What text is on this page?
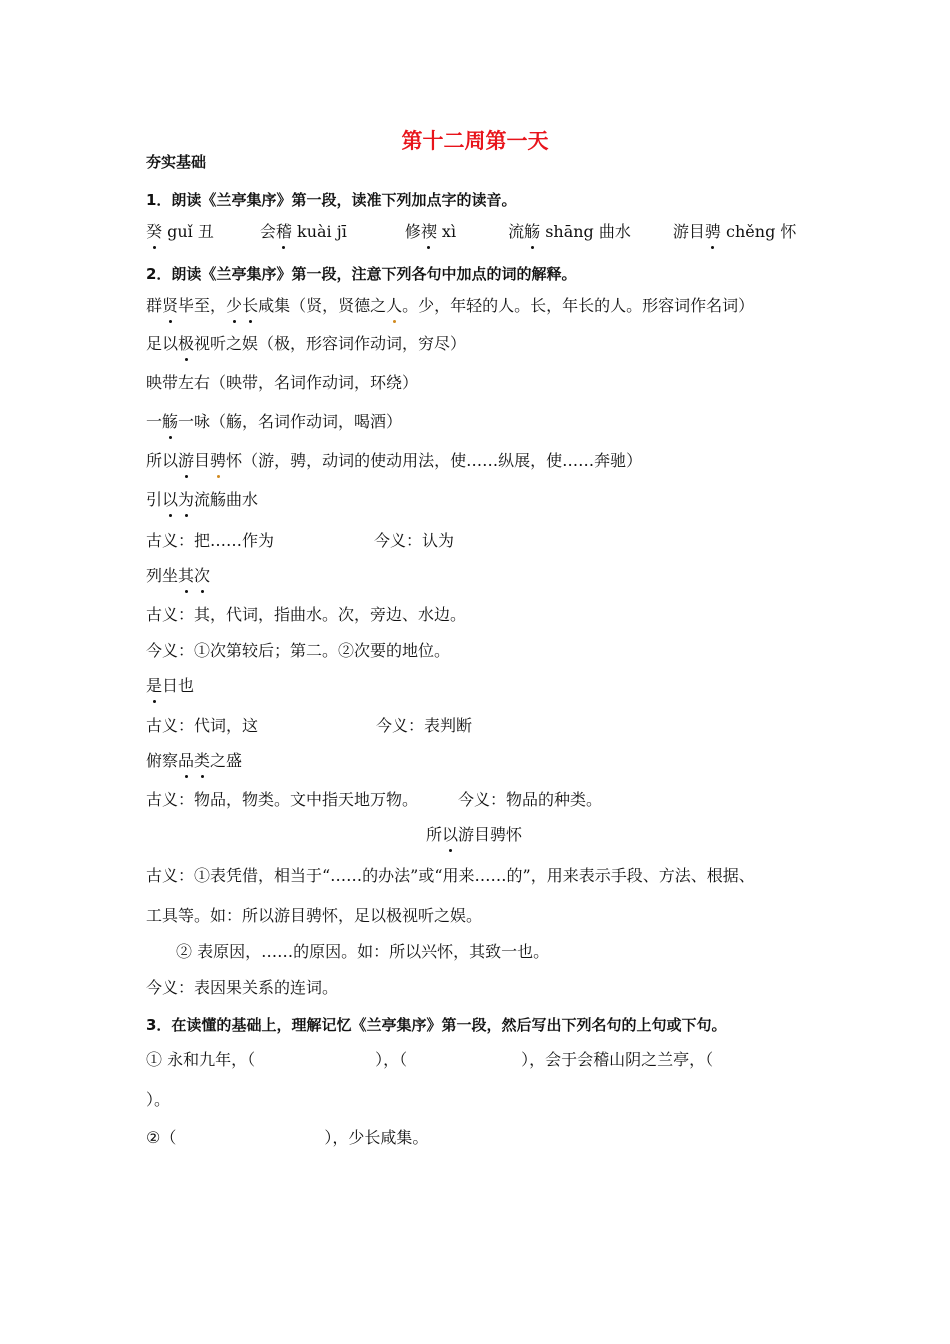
第十二周第一天
夯实基础
1．朗读《兰亭集序》第一段，读准下列加点字的读音。
癸 guǐ 丑	会稽 kuài jī	修禊 xì	流觞 shāng 曲水	游目骋 chěng 怀
2．朗读《兰亭集序》第一段，注意下列各句中加点的词的解释。
群贤毕至，少长咸集（贤，贤德之人。少，年轻的人。长，年长的人。形容词作名词）
足以极视听之娱（极，形容词作动词，穷尽）
映带左右（映带，名词作动词，环绕）
一觞一咏（觞，名词作动词，喝酒）
所以游目骋怀（游，骋，动词的使动用法，使……纵展，使……奔驰）
引以为流觞曲水
古义：把……作为	今义：认为
列坐其次
古义：其，代词，指曲水。次，旁边、水边。
今义：①次第较后；第二。②次要的地位。
是日也
古义：代词，这	今义：表判断
俯察品类之盛
古义：物品，物类。文中指天地万物。	今义：物品的种类。
所以游目骋怀
古义：①表凭借，相当于“……的办法”或“用来……的”，用来表示手段、方法、根据、
工具等。如：所以游目骋怀，足以极视听之娱。
② 表原因，……的原因。如：所以兴怀，其致一也。
今义：表因果关系的连词。
3．在读懂的基础上，理解记忆《兰亭集序》第一段，然后写出下列名句的上句或下句。
① 永和九年，（	），（	），会于会稽山阴之兰亭，（
）。
②（	），少长咸集。
